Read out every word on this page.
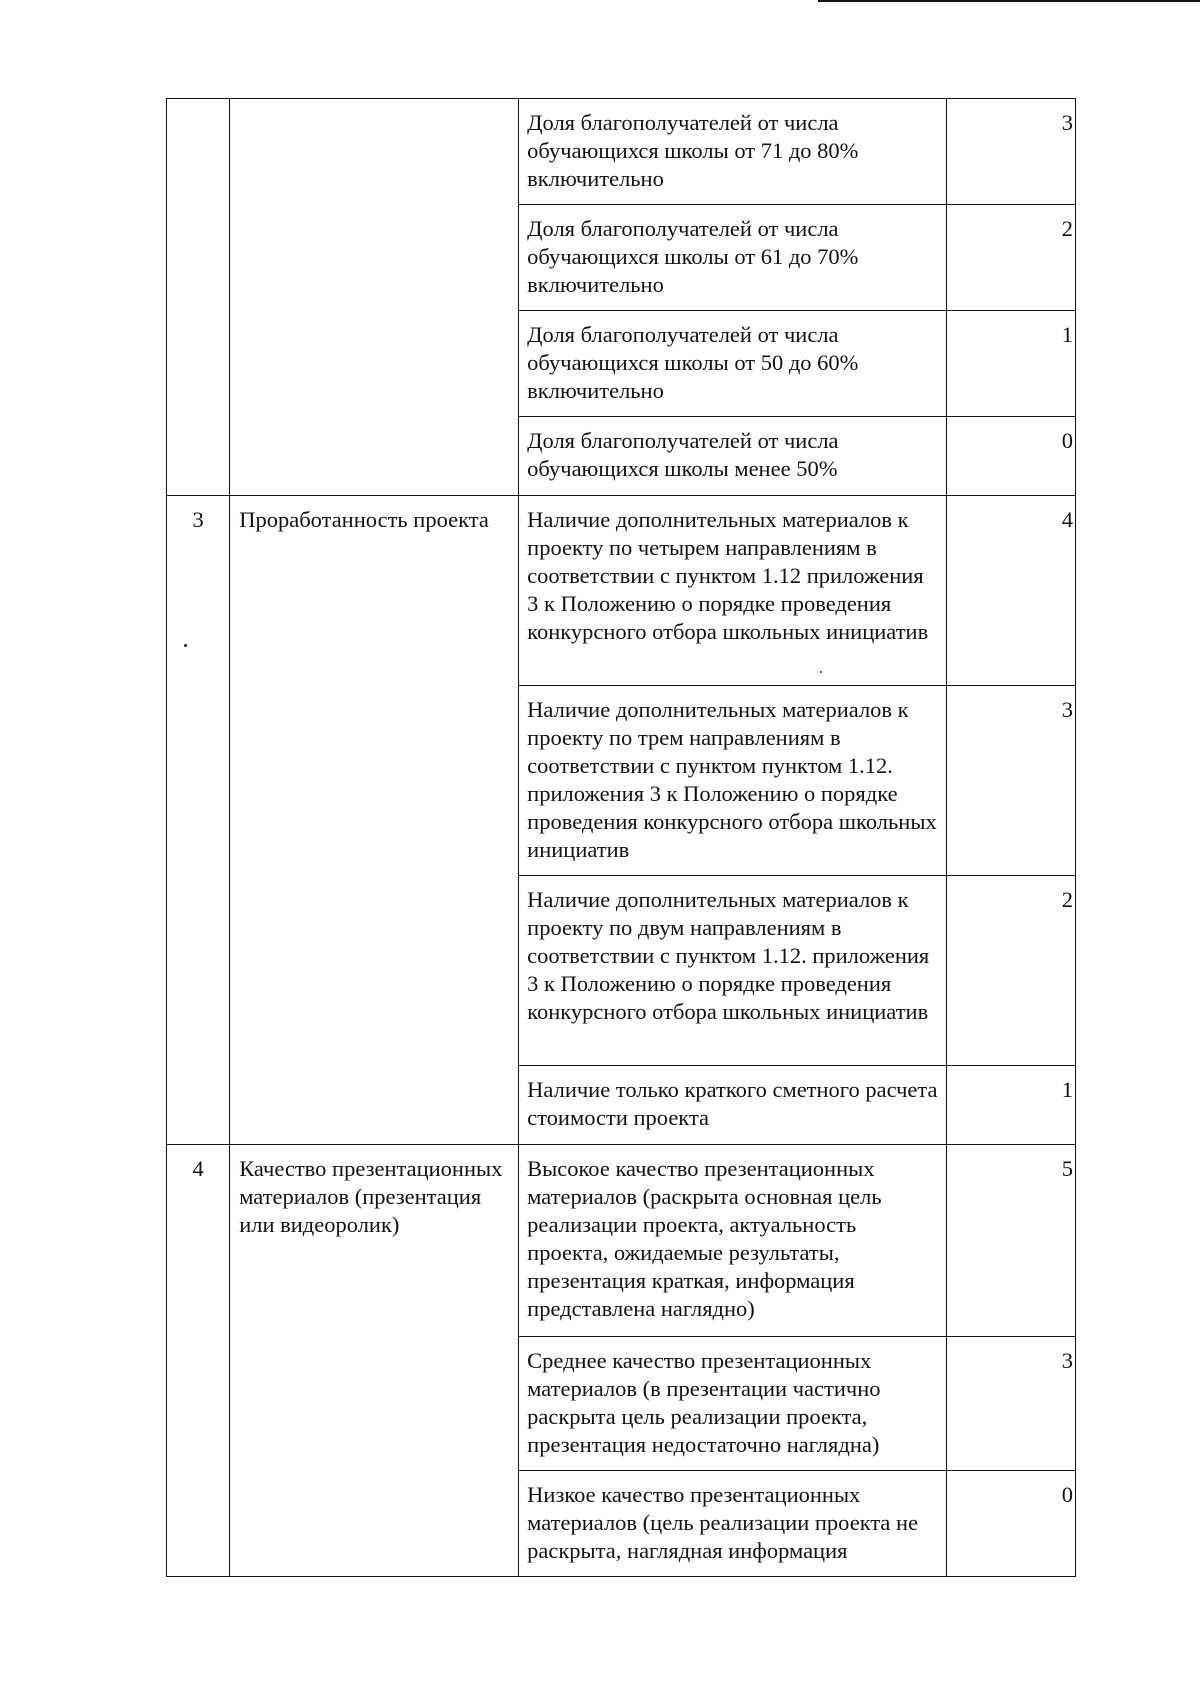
		Доля благополучателей от числа обучающихся школы от 71 до 80% включительно	3

		Доля благополучателей от числа обучающихся школы от 61 до 70% включительно	2

		Доля благополучателей от числа обучающихся школы от 50 до 60% включительно	1

		Доля благополучателей от числа обучающихся школы менее 50%	0

3	Проработанность проекта	Наличие дополнительных материалов к проекту по четырем направлениям в соответствии с пунктом 1.12 приложения 3 к Положению о порядке проведения конкурсного отбора школьных инициатив	4

		Наличие дополнительных материалов к проекту по трем направлениям в соответствии с пунктом пунктом 1.12. приложения 3 к Положению о порядке проведения конкурсного отбора школьных инициатив	3

		Наличие дополнительных материалов к проекту по двум направлениям в соответствии с пунктом 1.12. приложения 3 к Положению о порядке проведения конкурсного отбора школьных инициатив	2

		Наличие только краткого сметного расчета стоимости проекта	1

4	Качество презентационных материалов (презентация или видеоролик)	Высокое качество презентационных материалов (раскрыта основная цель реализации проекта, актуальность проекта, ожидаемые результаты, презентация краткая, информация представлена наглядно)	5

		Среднее качество презентационных материалов (в презентации частично раскрыта цель реализации проекта, презентация недостаточно наглядна)	3

		Низкое качество презентационных материалов (цель реализации проекта не раскрыта, наглядная информация	0
